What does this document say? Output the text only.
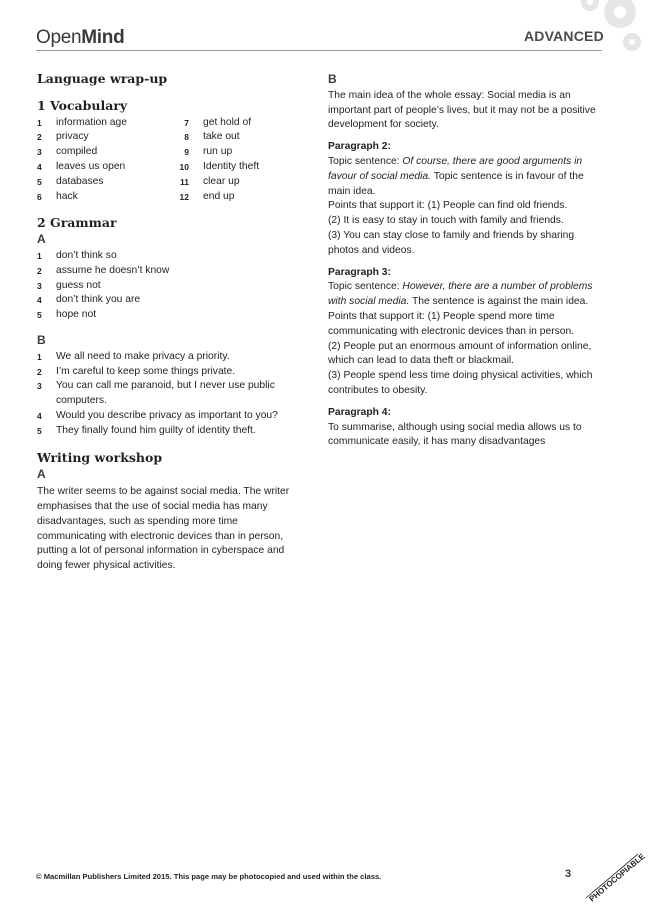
OpenMind	ADVANCED
Language wrap-up
1 Vocabulary
1	information age
2	privacy
3	compiled
4	leaves us open
5	databases
6	hack
7 get hold of
8 take out
9 run up
10 Identity theft
11 clear up
12 end up
2 Grammar
A
1	don’t think so
2	assume he doesn’t know
3	guess not
4	don’t think you are
5	hope not
B
1	We all need to make privacy a priority.
2	I’m careful to keep some things private.
3	You can call me paranoid, but I never use public computers.
4	Would you describe privacy as important to you?
5	They finally found him guilty of identity theft.
Writing workshop
A

The writer seems to be against social media. The writer emphasises that the use of social media has many disadvantages, such as spending more time communicating with electronic devices than in person, putting a lot of personal information in cyberspace and doing fewer physical activities.

B

The main idea of the whole essay: Social media is an important part of people’s lives, but it may not be a positive development for society.

Paragraph 2:

Topic sentence: Of course, there are good arguments in favour of social media. Topic sentence is in favour of the main idea.

Points that support it: (1) People can find old friends.

(2) It is easy to stay in touch with family and friends.

(3) You can stay close to family and friends by sharing photos and videos.

Paragraph 3:

Topic sentence: However, there are a number of problems with social media. The sentence is against the main idea.

Points that support it: (1) People spend more time communicating with electronic devices than in person.

(2) People put an enormous amount of information online, which can lead to data theft or blackmail.

(3) People spend less time doing physical activities, which contributes to obesity.

Paragraph 4:

To summarise, although using social media allows us to communicate easily, it has many disadvantages

© Macmillan Publishers Limited 2015. This page may be photocopied and used within the class.	3 PHOTOCOPIABLE
